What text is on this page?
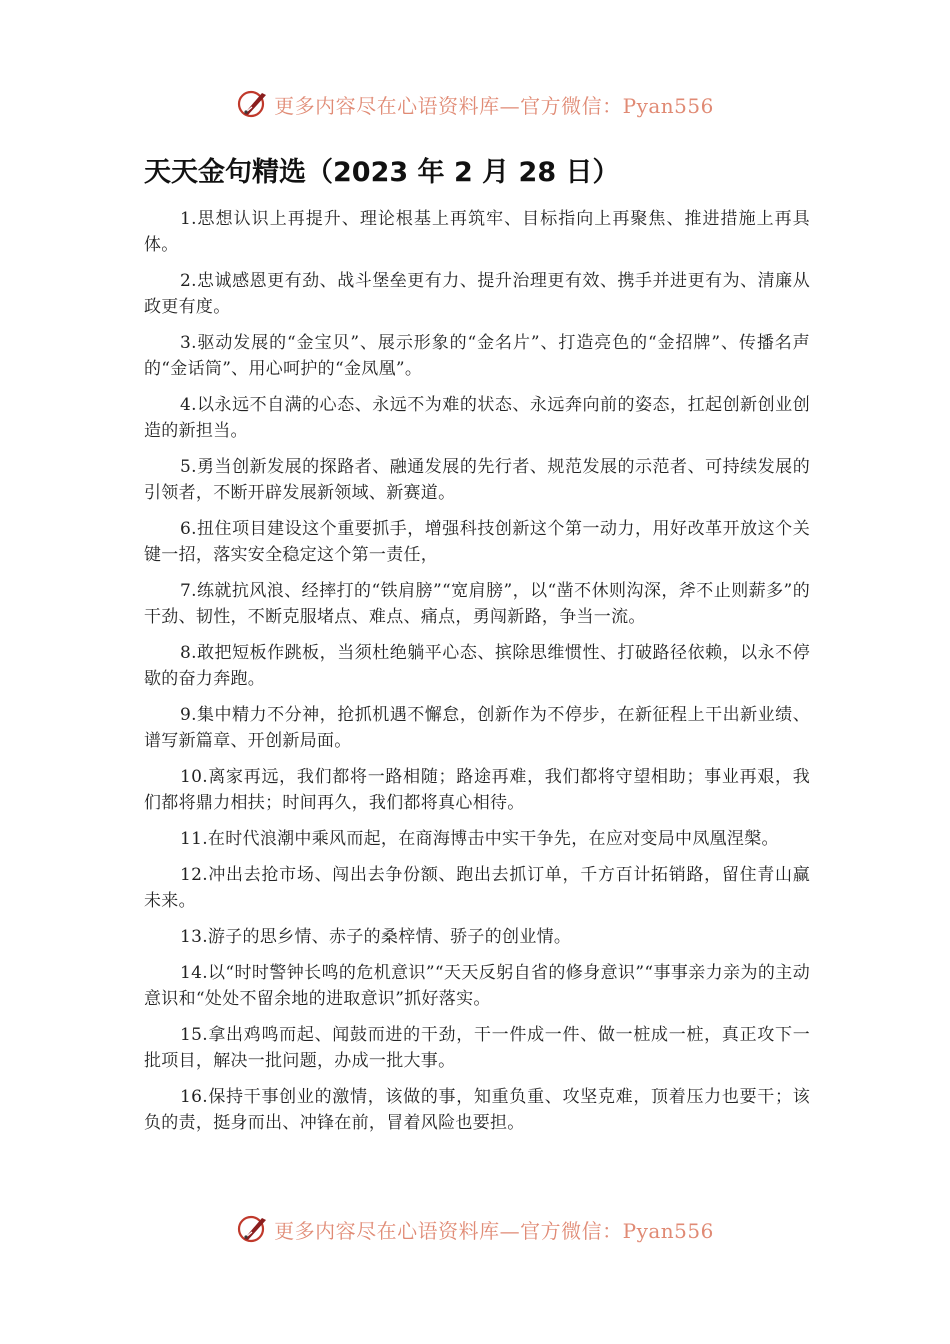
更多内容尽在心语资料库—官方微信：Pyan556
天天金句精选（2023 年 2 月 28 日）

1.思想认识上再提升、理论根基上再筑牢、目标指向上再聚焦、推进措施上再具体。

2.忠诚感恩更有劲、战斗堡垒更有力、提升治理更有效、携手并进更有为、清廉从政更有度。

3.驱动发展的“金宝贝”、展示形象的“金名片”、打造亮色的“金招牌”、传播名声的“金话筒”、用心呵护的“金凤凰”。

4.以永远不自满的心态、永远不为难的状态、永远奔向前的姿态，扛起创新创业创造的新担当。

5.勇当创新发展的探路者、融通发展的先行者、规范发展的示范者、可持续发展的引领者，不断开辟发展新领域、新赛道。

6.扭住项目建设这个重要抓手，增强科技创新这个第一动力，用好改革开放这个关键一招，落实安全稳定这个第一责任，

7.练就抗风浪、经摔打的“铁肩膀”“宽肩膀”，以“凿不休则沟深，斧不止则薪多”的干劲、韧性，不断克服堵点、难点、痛点，勇闯新路，争当一流。

8.敢把短板作跳板，当须杜绝躺平心态、摈除思维惯性、打破路径依赖，以永不停歇的奋力奔跑。

9.集中精力不分神，抢抓机遇不懈怠，创新作为不停步，在新征程上干出新业绩、谱写新篇章、开创新局面。

10.离家再远，我们都将一路相随；路途再难，我们都将守望相助；事业再艰，我们都将鼎力相扶；时间再久，我们都将真心相待。

11.在时代浪潮中乘风而起，在商海博击中实干争先，在应对变局中凤凰涅槃。

12.冲出去抢市场、闯出去争份额、跑出去抓订单，千方百计拓销路，留住青山赢未来。

13.游子的思乡情、赤子的桑梓情、骄子的创业情。

14.以“时时警钟长鸣的危机意识”“天天反躬自省的修身意识”“事事亲力亲为的主动意识和“处处不留余地的进取意识”抓好落实。

15.拿出鸡鸣而起、闻鼓而进的干劲，干一件成一件、做一桩成一桩，真正攻下一批项目，解决一批问题，办成一批大事。

16.保持干事创业的激情，该做的事，知重负重、攻坚克难，顶着压力也要干；该负的责，挺身而出、冲锋在前，冒着风险也要担。

更多内容尽在心语资料库—官方微信：Pyan556
